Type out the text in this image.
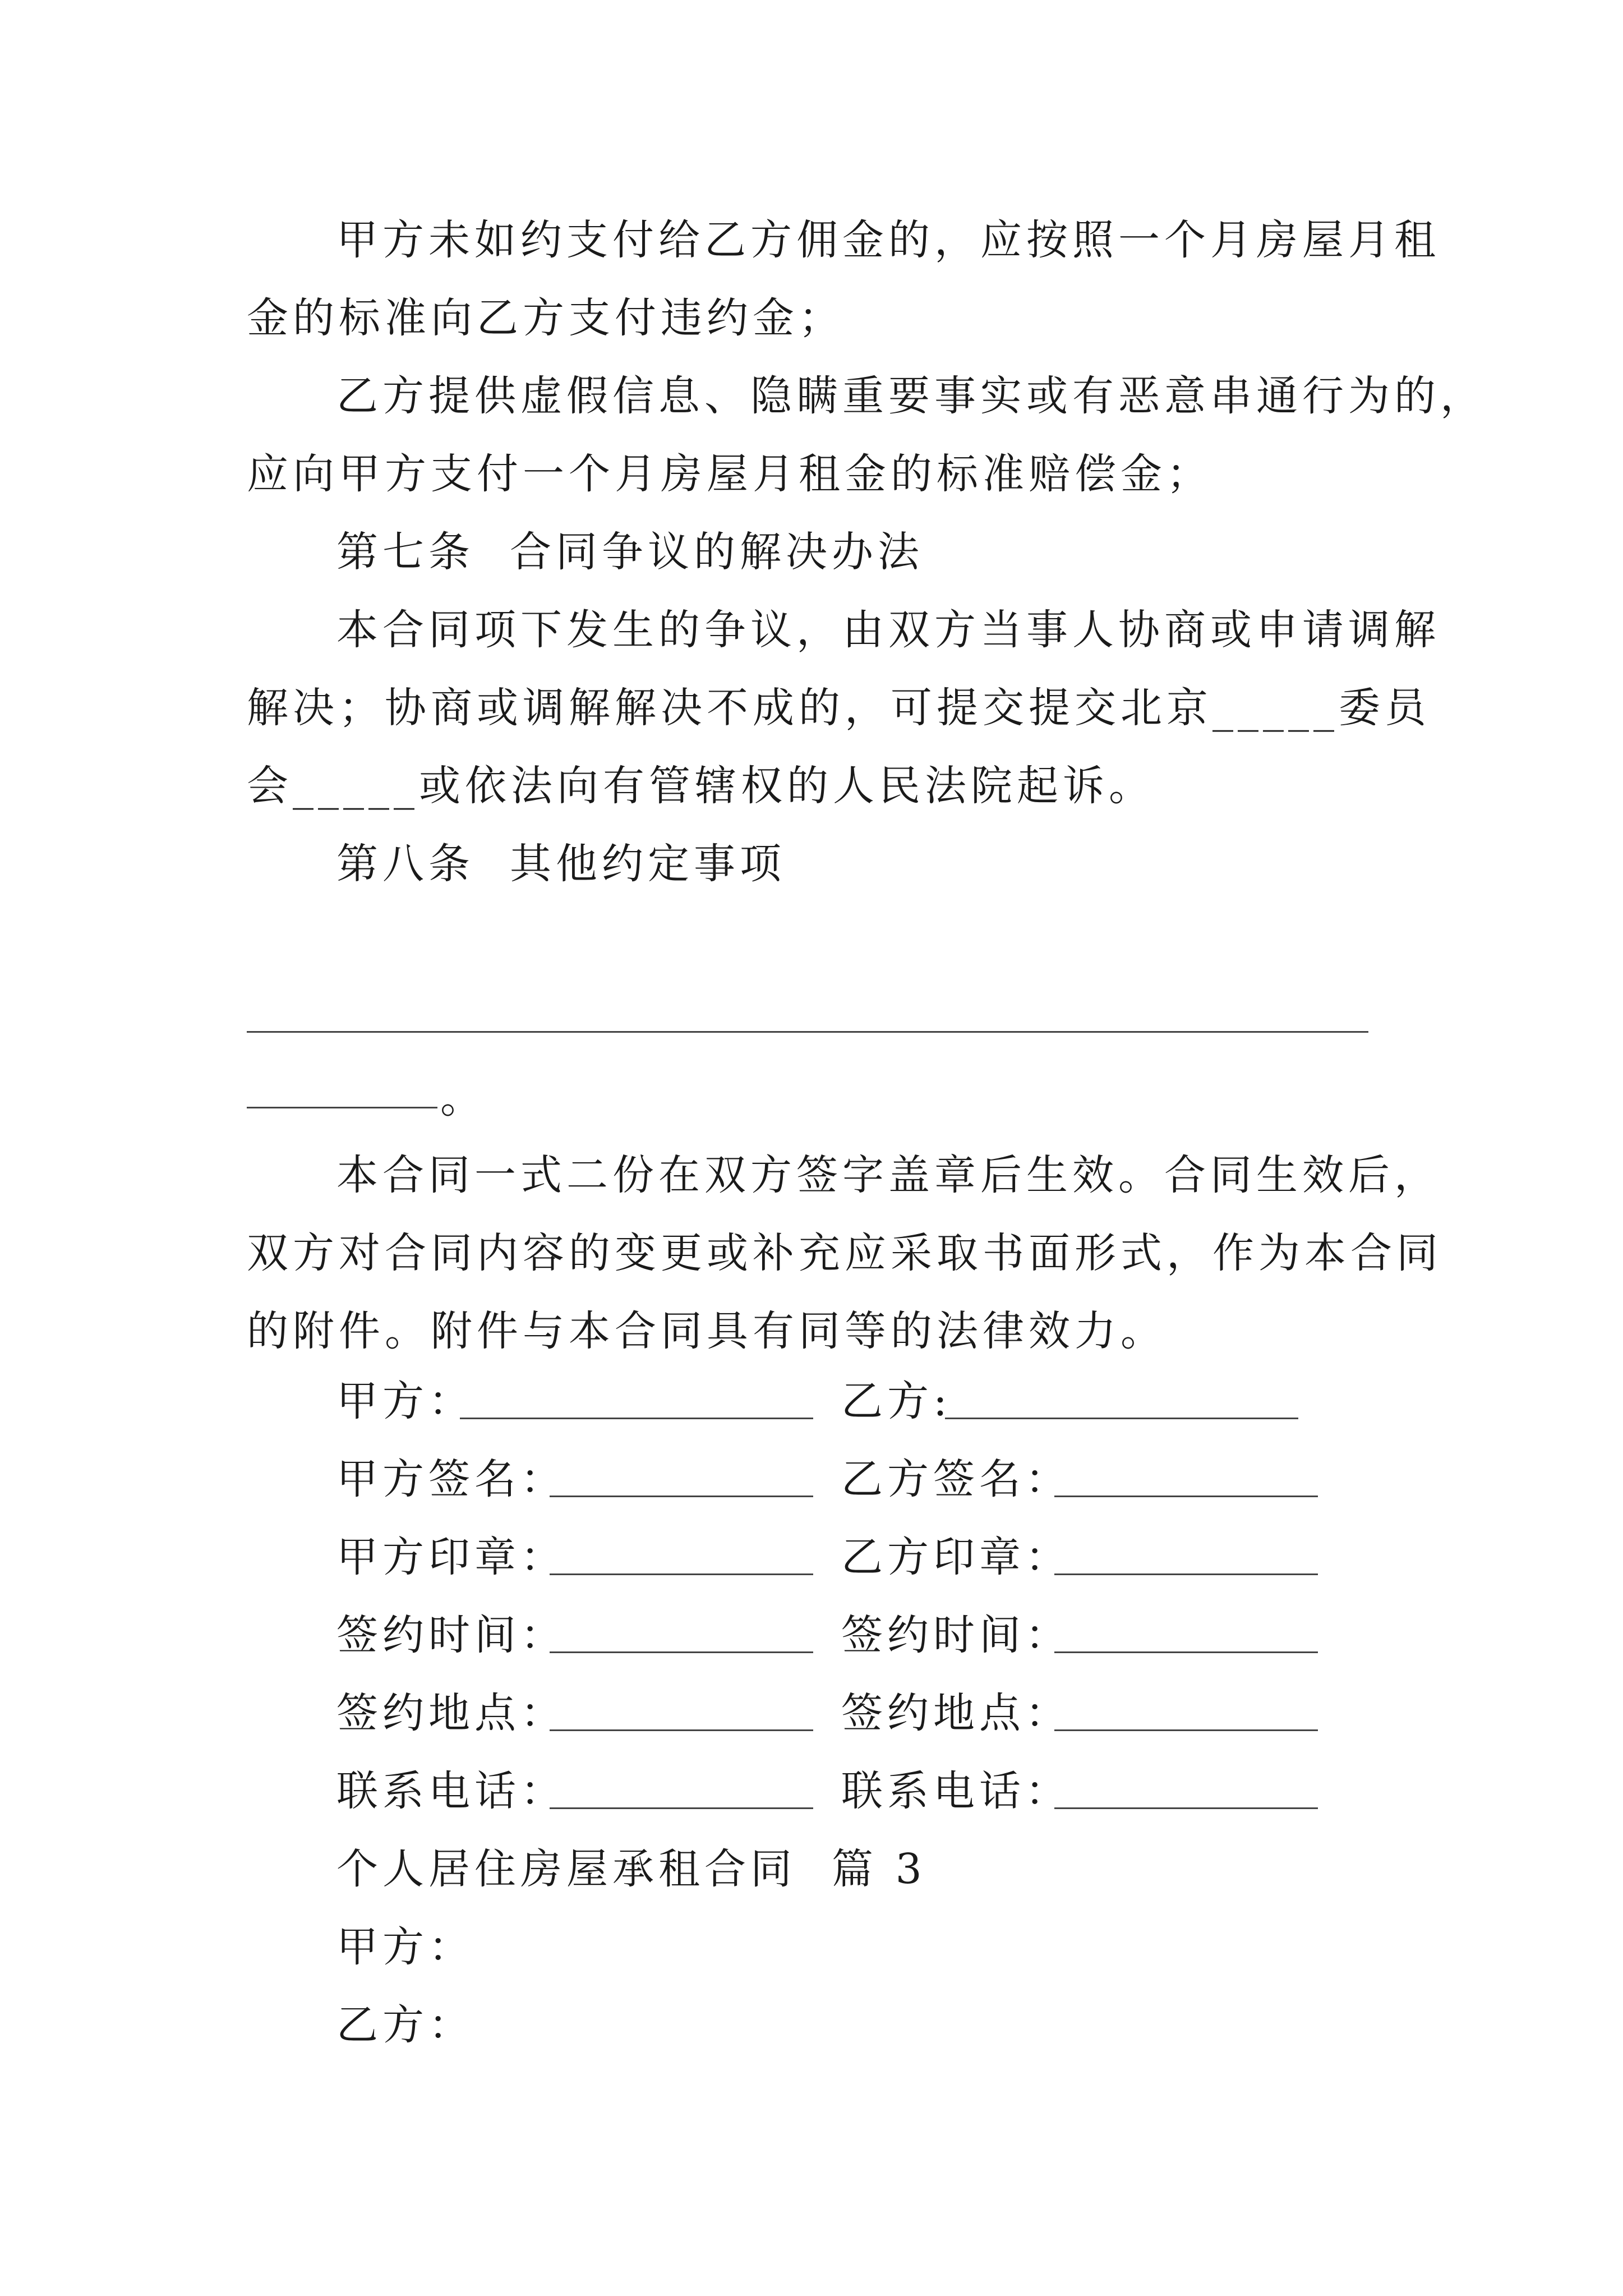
甲方未如约支付给乙方佣金的，应按照一个月房屋月租

金的标准向乙方支付违约金；

乙方提供虚假信息、隐瞒重要事实或有恶意串通行为的，

应向甲方支付一个月房屋月租金的标准赔偿金；

第七条  合同争议的解决办法

本合同项下发生的争议，由双方当事人协商或申请调解

解决；协商或调解解决不成的，可提交提交北京_____委员

会_____或依法向有管辖权的人民法院起诉。

第八条  其他约定事项

。

本合同一式二份在双方签字盖章后生效。合同生效后，

双方对合同内容的变更或补充应采取书面形式，作为本合同

的附件。附件与本合同具有同等的法律效力。

甲方：	乙方:
甲方签名：	乙方签名：
甲方印章：	乙方印章：
签约时间：	签约时间：
签约地点：	签约地点：
联系电话：	联系电话：

个人居住房屋承租合同  篇 3

甲方：

乙方：
